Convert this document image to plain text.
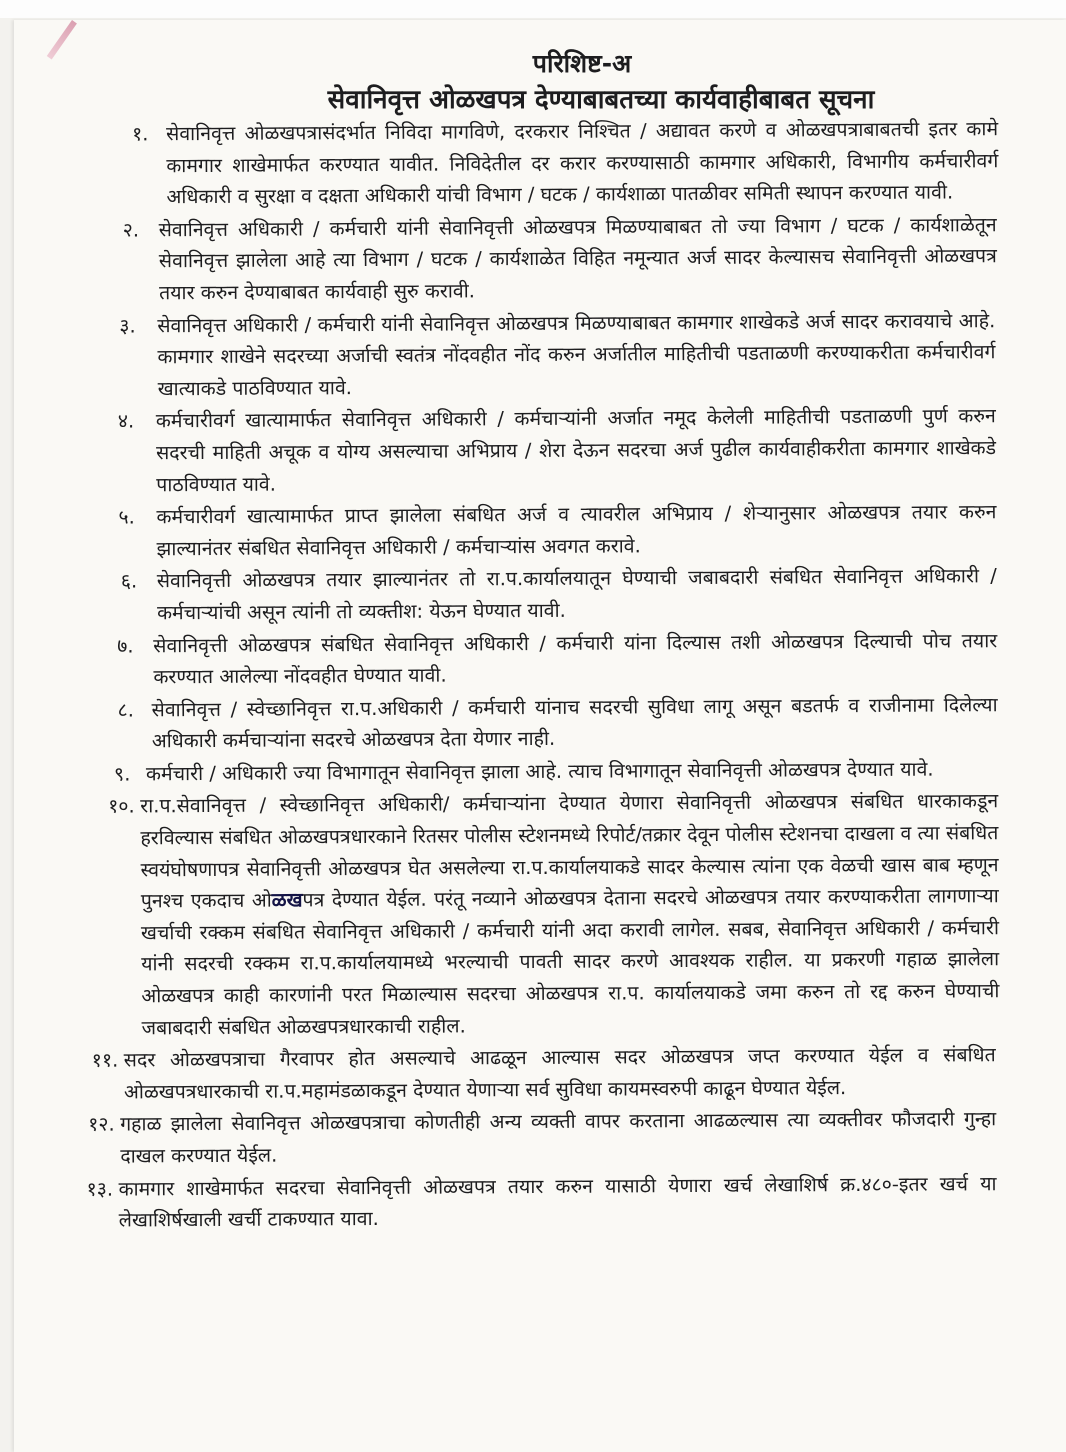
परिशिष्ट-अ
सेवानिवृत्त ओळखपत्र देण्याबाबतच्या कार्यवाहीबाबत सूचना
१. सेवानिवृत्त ओळखपत्रासंदर्भात निविदा मागविणे, दरकरार निश्चित / अद्यावत करणे व ओळखपत्राबाबतची इतर कामे कामगार शाखेमार्फत करण्यात यावीत. निविदेतील दर करार करण्यासाठी कामगार अधिकारी, विभागीय कर्मचारीवर्ग अधिकारी व सुरक्षा व दक्षता अधिकारी यांची विभाग / घटक / कार्यशाळा पातळीवर समिती स्थापन करण्यात यावी.
२. सेवानिवृत्त अधिकारी / कर्मचारी यांनी सेवानिवृत्ती ओळखपत्र मिळण्याबाबत तो ज्या विभाग / घटक / कार्यशाळेतून सेवानिवृत्त झालेला आहे त्या विभाग / घटक / कार्यशाळेत विहित नमून्यात अर्ज सादर केल्यासच सेवानिवृत्ती ओळखपत्र तयार करुन देण्याबाबत कार्यवाही सुरु करावी.
३. सेवानिवृत्त अधिकारी / कर्मचारी यांनी सेवानिवृत्त ओळखपत्र मिळण्याबाबत कामगार शाखेकडे अर्ज सादर करावयाचे आहे. कामगार शाखेने सदरच्या अर्जाची स्वतंत्र नोंदवहीत नोंद करुन अर्जातील माहितीची पडताळणी करण्याकरीता कर्मचारीवर्ग खात्याकडे पाठविण्यात यावे.
४. कर्मचारीवर्ग खात्यामार्फत सेवानिवृत्त अधिकारी / कर्मचाऱ्यांनी अर्जात नमूद केलेली माहितीची पडताळणी पुर्ण करुन सदरची माहिती अचूक व योग्य असल्याचा अभिप्राय / शेरा देऊन सदरचा अर्ज पुढील कार्यवाहीकरीता कामगार शाखेकडे पाठविण्यात यावे.
५. कर्मचारीवर्ग खात्यामार्फत प्राप्त झालेला संबधित अर्ज व त्यावरील अभिप्राय / शेऱ्यानुसार ओळखपत्र तयार करुन झाल्यानंतर संबधित सेवानिवृत्त अधिकारी / कर्मचाऱ्यांस अवगत करावे.
६. सेवानिवृत्ती ओळखपत्र तयार झाल्यानंतर तो रा.प.कार्यालयातून घेण्याची जबाबदारी संबधित सेवानिवृत्त अधिकारी / कर्मचाऱ्यांची असून त्यांनी तो व्यक्तीश: येऊन घेण्यात यावी.
७. सेवानिवृत्ती ओळखपत्र संबधित सेवानिवृत्त अधिकारी / कर्मचारी यांना दिल्यास तशी ओळखपत्र दिल्याची पोच तयार करण्यात आलेल्या नोंदवहीत घेण्यात यावी.
८. सेवानिवृत्त / स्वेच्छानिवृत्त रा.प.अधिकारी / कर्मचारी यांनाच सदरची सुविधा लागू असून बडतर्फ व राजीनामा दिलेल्या अधिकारी कर्मचाऱ्यांना सदरचे ओळखपत्र देता येणार नाही.
९. कर्मचारी / अधिकारी ज्या विभागातून सेवानिवृत्त झाला आहे. त्याच विभागातून सेवानिवृत्ती ओळखपत्र देण्यात यावे.
१०. रा.प.सेवानिवृत्त / स्वेच्छानिवृत्त अधिकारी/ कर्मचाऱ्यांना देण्यात येणारा सेवानिवृत्ती ओळखपत्र संबधित धारकाकडून हरविल्यास संबधित ओळखपत्रधारकाने रितसर पोलीस स्टेशनमध्ये रिपोर्ट/तक्रार देवून पोलीस स्टेशनचा दाखला व त्या संबधित स्वयंघोषणापत्र सेवानिवृत्ती ओळखपत्र घेत असलेल्या रा.प.कार्यालयाकडे सादर केल्यास त्यांना एक वेळची खास बाब म्हणून पुनश्च एकदाच ओळखपत्र देण्यात येईल. परंतू नव्याने ओळखपत्र देताना सदरचे ओळखपत्र तयार करण्याकरीता लागणाऱ्या खर्चाची रक्कम संबधित सेवानिवृत्त अधिकारी / कर्मचारी यांनी अदा करावी लागेल. सबब, सेवानिवृत्त अधिकारी / कर्मचारी यांनी सदरची रक्कम रा.प.कार्यालयामध्ये भरल्याची पावती सादर करणे आवश्यक राहील. या प्रकरणी गहाळ झालेला ओळखपत्र काही कारणांनी परत मिळाल्यास सदरचा ओळखपत्र रा.प. कार्यालयाकडे जमा करुन तो रद्द करुन घेण्याची जबाबदारी संबधित ओळखपत्रधारकाची राहील.
११. सदर ओळखपत्राचा गैरवापर होत असल्याचे आढळून आल्यास सदर ओळखपत्र जप्त करण्यात येईल व संबधित ओळखपत्रधारकाची रा.प.महामंडळाकडून देण्यात येणाऱ्या सर्व सुविधा कायमस्वरुपी काढून घेण्यात येईल.
१२. गहाळ झालेला सेवानिवृत्त ओळखपत्राचा कोणतीही अन्य व्यक्ती वापर करताना आढळल्यास त्या व्यक्तीवर फौजदारी गुन्हा दाखल करण्यात येईल.
१३. कामगार शाखेमार्फत सदरचा सेवानिवृत्ती ओळखपत्र तयार करुन यासाठी येणारा खर्च लेखाशिर्ष क्र.४८०-इतर खर्च या लेखाशिर्षखाली खर्ची टाकण्यात यावा.
